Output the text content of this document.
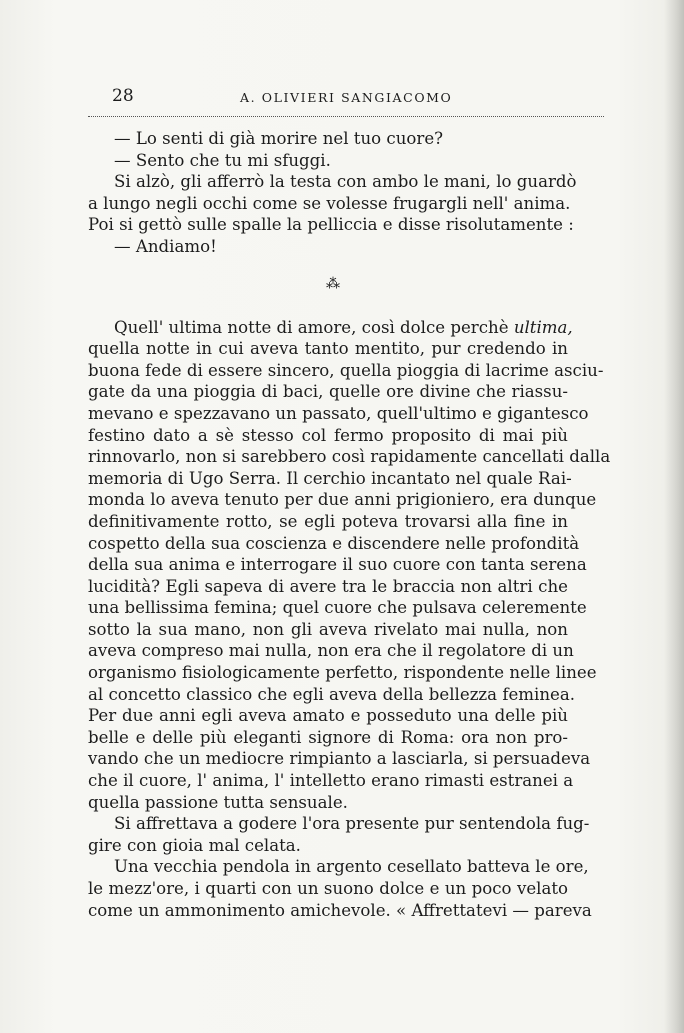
28	A. OLIVIERI SANGIACOMO
— Lo senti di già morire nel tuo cuore?
— Sento che tu mi sfuggi.
Si alzò, gli afferrò la testa con ambo le mani, lo guardò
a lungo negli occhi come se volesse frugargli nell' anima.
Poi si gettò sulle spalle la pelliccia e disse risolutamente :
— Andiamo!
⁂
Quell' ultima notte di amore, così dolce perchè ultima,
quella notte in cui aveva tanto mentito, pur credendo in
buona fede di essere sincero, quella pioggia di lacrime asciu-
gate da una pioggia di baci, quelle ore divine che riassu-
mevano e spezzavano un passato, quell'ultimo e gigantesco
festino dato a sè stesso col fermo proposito di mai più
rinnovarlo, non si sarebbero così rapidamente cancellati dalla
memoria di Ugo Serra. Il cerchio incantato nel quale Rai-
monda lo aveva tenuto per due anni prigioniero, era dunque
definitivamente rotto, se egli poteva trovarsi alla fine in
cospetto della sua coscienza e discendere nelle profondità
della sua anima e interrogare il suo cuore con tanta serena
lucidità? Egli sapeva di avere tra le braccia non altri che
una bellissima femina; quel cuore che pulsava celeremente
sotto la sua mano, non gli aveva rivelato mai nulla, non
aveva compreso mai nulla, non era che il regolatore di un
organismo fisiologicamente perfetto, rispondente nelle linee
al concetto classico che egli aveva della bellezza feminea.
Per due anni egli aveva amato e posseduto una delle più
belle e delle più eleganti signore di Roma: ora non pro-
vando che un mediocre rimpianto a lasciarla, si persuadeva
che il cuore, l' anima, l' intelletto erano rimasti estranei a
quella passione tutta sensuale.
Si affrettava a godere l'ora presente pur sentendola fug-
gire con gioia mal celata.
Una vecchia pendola in argento cesellato batteva le ore,
le mezz'ore, i quarti con un suono dolce e un poco velato
come un ammonimento amichevole. « Affrettatevi — pareva
